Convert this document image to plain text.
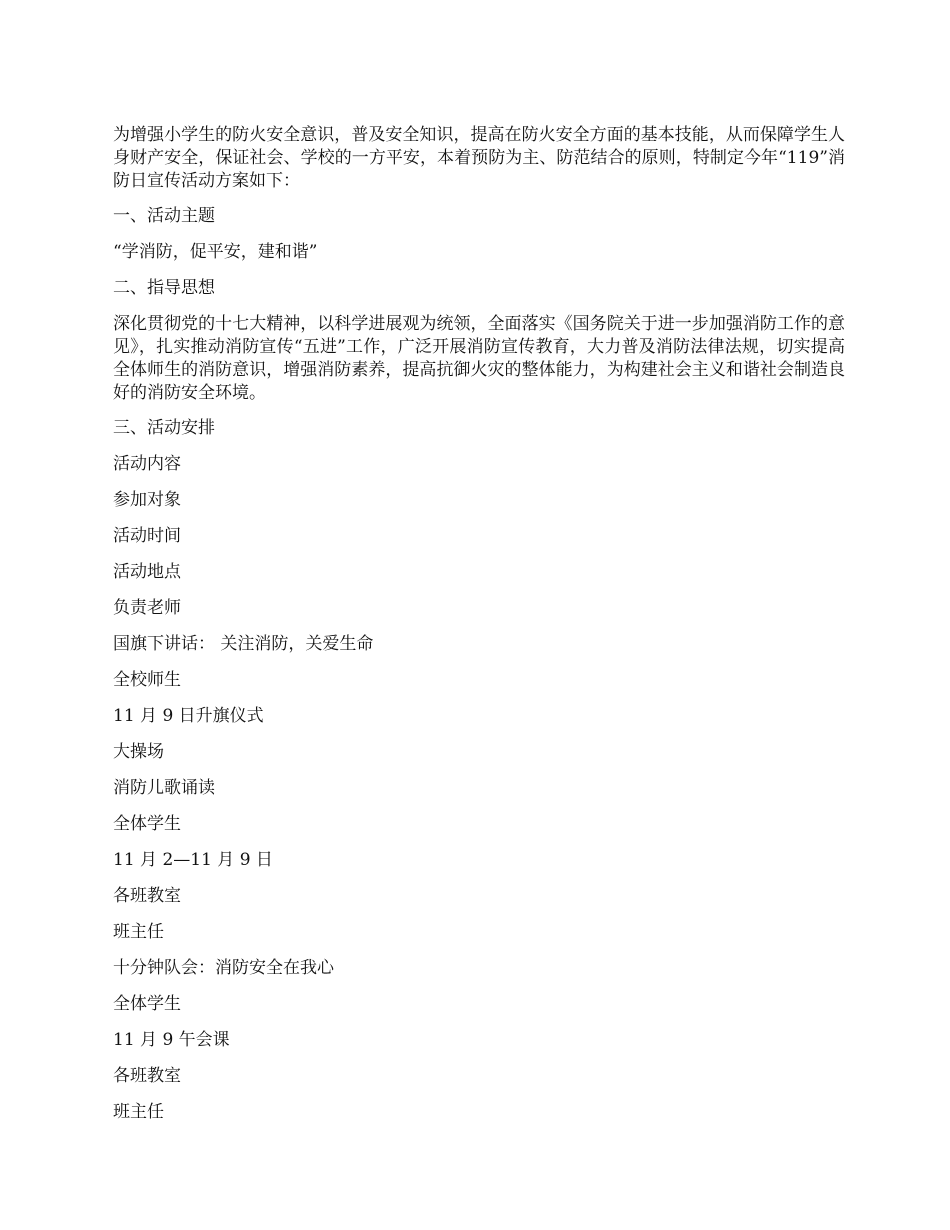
为增强小学生的防火安全意识，普及安全知识，提高在防火安全方面的基本技能，从而保障学生人身财产安全，保证社会、学校的一方平安，本着预防为主、防范结合的原则，特制定今年“119”消防日宣传活动方案如下：

一、活动主题

“学消防，促平安，建和谐”

二、指导思想

深化贯彻党的十七大精神，以科学进展观为统领，全面落实《国务院关于进一步加强消防工作的意见》，扎实推动消防宣传“五进”工作，广泛开展消防宣传教育，大力普及消防法律法规，切实提高全体师生的消防意识，增强消防素养，提高抗御火灾的整体能力，为构建社会主义和谐社会制造良好的消防安全环境。

三、活动安排

活动内容

参加对象

活动时间

活动地点

负责老师

国旗下讲话： 关注消防，关爱生命

全校师生

11 月 9 日升旗仪式

大操场

消防儿歌诵读

全体学生

11 月 2—11 月 9 日

各班教室

班主任

十分钟队会：消防安全在我心

全体学生

11 月 9 午会课

各班教室

班主任
